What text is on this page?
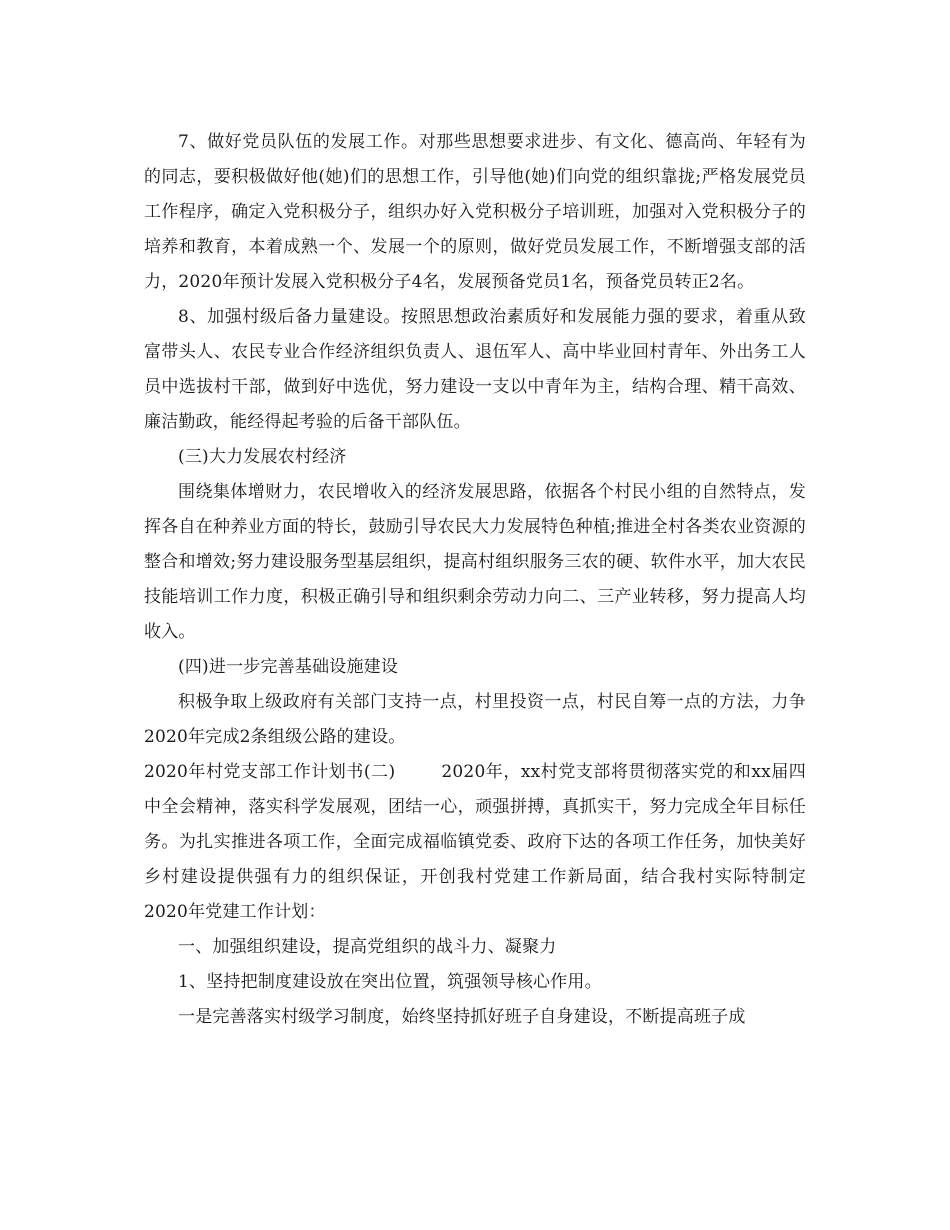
7、做好党员队伍的发展工作。对那些思想要求进步、有文化、德高尚、年轻有为的同志，要积极做好他(她)们的思想工作，引导他(她)们向党的组织靠拢;严格发展党员工作程序，确定入党积极分子，组织办好入党积极分子培训班，加强对入党积极分子的培养和教育，本着成熟一个、发展一个的原则，做好党员发展工作，不断增强支部的活力，2020年预计发展入党积极分子4名，发展预备党员1名，预备党员转正2名。

8、加强村级后备力量建设。按照思想政治素质好和发展能力强的要求，着重从致富带头人、农民专业合作经济组织负责人、退伍军人、高中毕业回村青年、外出务工人员中选拔村干部，做到好中选优，努力建设一支以中青年为主，结构合理、精干高效、廉洁勤政，能经得起考验的后备干部队伍。

(三)大力发展农村经济

围绕集体增财力，农民增收入的经济发展思路，依据各个村民小组的自然特点，发挥各自在种养业方面的特长，鼓励引导农民大力发展特色种植;推进全村各类农业资源的整合和增效;努力建设服务型基层组织，提高村组织服务三农的硬、软件水平，加大农民技能培训工作力度，积极正确引导和组织剩余劳动力向二、三产业转移，努力提高人均收入。

(四)进一步完善基础设施建设

积极争取上级政府有关部门支持一点，村里投资一点，村民自筹一点的方法，力争2020年完成2条组级公路的建设。

2020年村党支部工作计划书(二)	2020年，xx村党支部将贯彻落实党的和xx届四中全会精神，落实科学发展观，团结一心，顽强拼搏，真抓实干，努力完成全年目标任务。为扎实推进各项工作，全面完成福临镇党委、政府下达的各项工作任务，加快美好乡村建设提供强有力的组织保证，开创我村党建工作新局面，结合我村实际特制定2020年党建工作计划：

一、加强组织建设，提高党组织的战斗力、凝聚力

1、坚持把制度建设放在突出位置，筑强领导核心作用。

一是完善落实村级学习制度，始终坚持抓好班子自身建设，不断提高班子成
